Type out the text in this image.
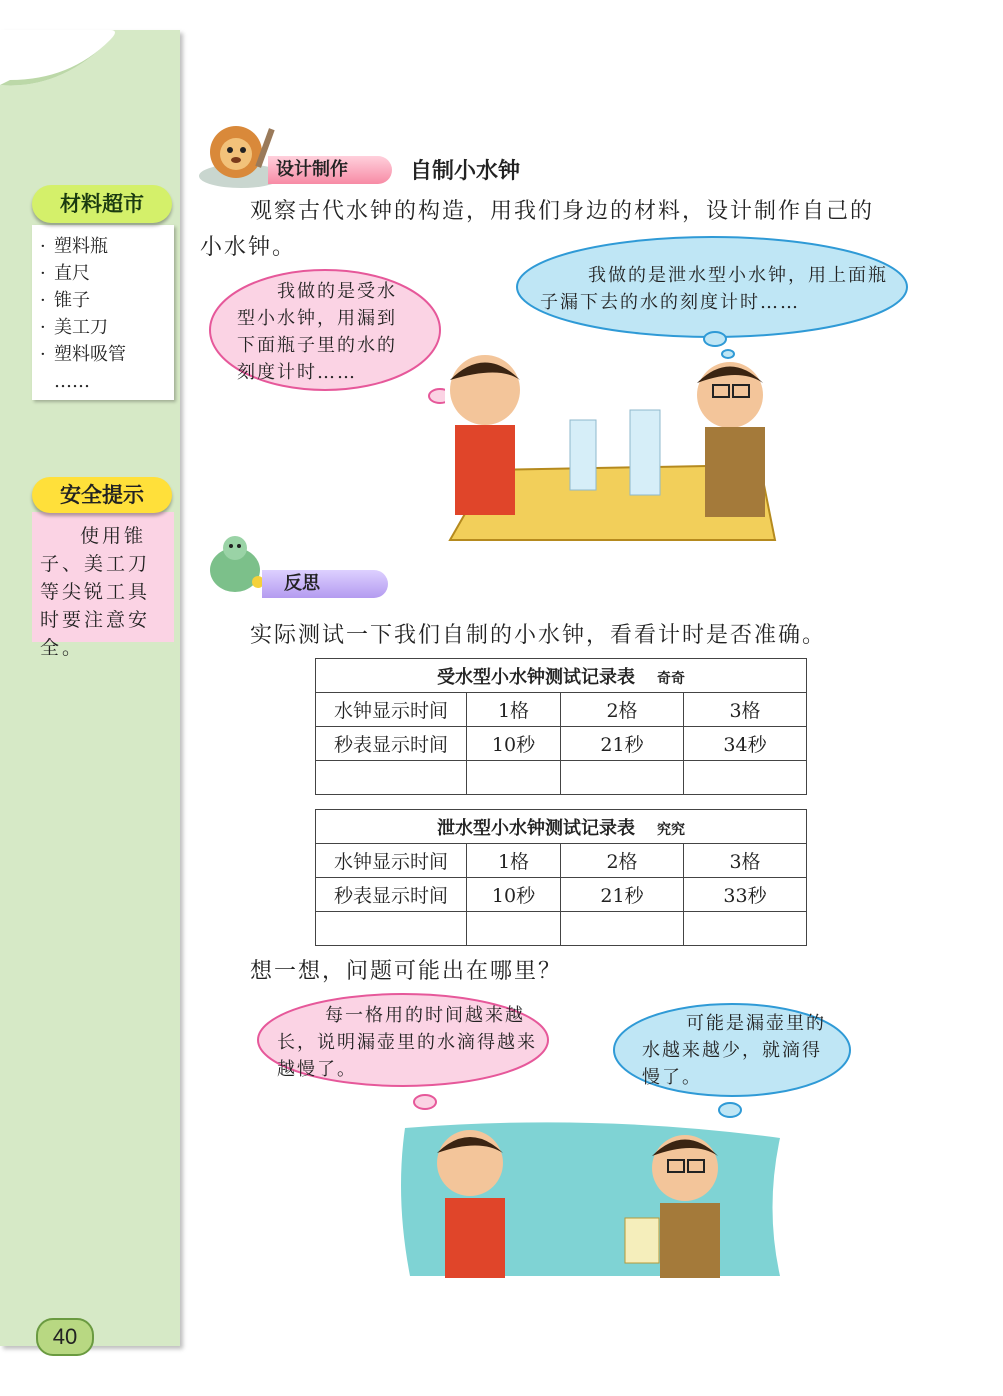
材料超市
· 塑料瓶
· 直尺
· 锥子
· 美工刀
· 塑料吸管
……
安全提示
使用锥子、美工刀等尖锐工具时要注意安全。
40
设计制作	自制小水钟
观察古代水钟的构造，用我们身边的材料，设计制作自己的
小水钟。
我做的是受水型小水钟，用漏到下面瓶子里的水的刻度计时……
我做的是泄水型小水钟，用上面瓶子漏下去的水的刻度计时……
反思
实际测试一下我们自制的小水钟，看看计时是否准确。
受水型小水钟测试记录表 奇奇			
水钟显示时间	1格	2格	3格
秒表显示时间	10秒	21秒	34秒

泄水型小水钟测试记录表 究究			
水钟显示时间	1格	2格	3格
秒表显示时间	10秒	21秒	33秒

想一想，问题可能出在哪里？
每一格用的时间越来越长，说明漏壶里的水滴得越来越慢了。
可能是漏壶里的水越来越少，就滴得慢了。
